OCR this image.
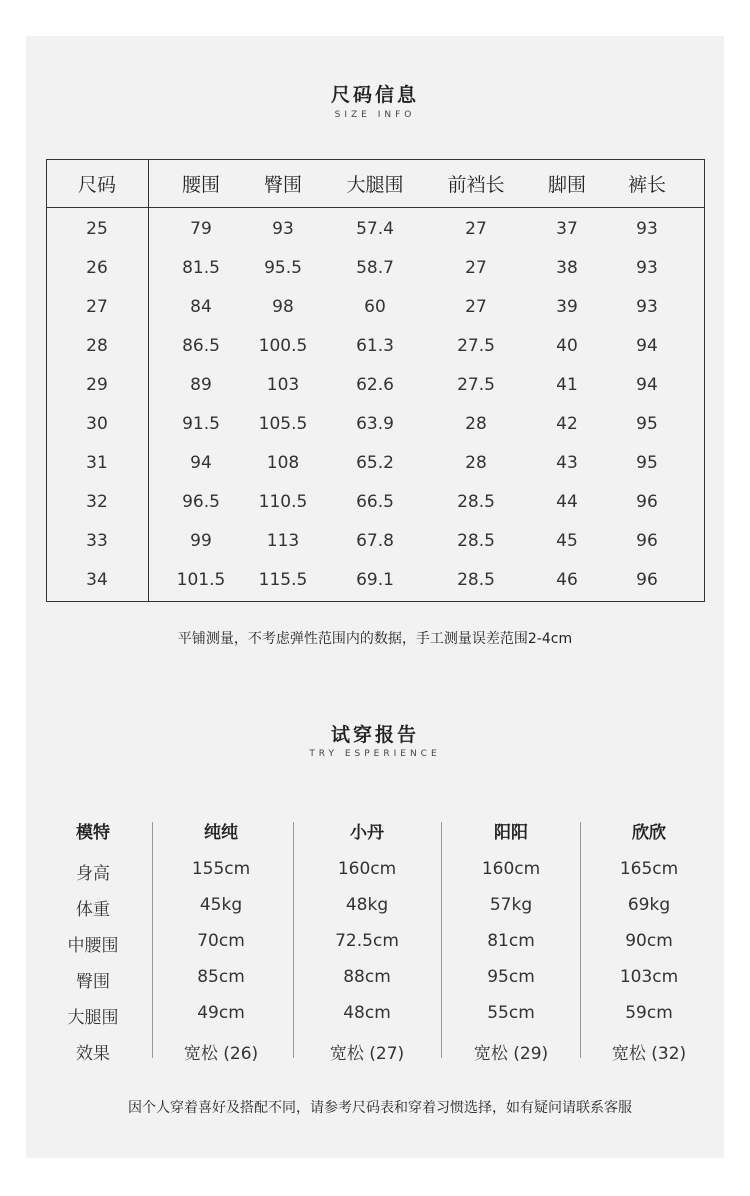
尺码信息
SIZE INFO
尺码	腰围 臀围 大腿围 前裆长 脚围 裤长
25	79	93	57.4	27	37	93
26	81.5	95.5	58.7	27	38	93
27	84	98	60	27	39	93
28	86.5 100.5	61.3	27.5	40	94
29	89	103	62.6	27.5	41	94
30	91.5 105.5	63.9	28	42	95
31	94	108	65.2	28	43	95
32	96.5 110.5	66.5	28.5	44	96
33	99	113	67.8	28.5	45	96
34	101.5 115.5	69.1	28.5	46	96
平铺测量，不考虑弹性范围内的数据，手工测量误差范围2-4cm
试穿报告
TRY ESPERIENCE
模特	纯纯	小丹	阳阳	欣欣
身高	155cm	160cm	160cm	165cm
体重	45kg	48kg	57kg	69kg
中腰围	70cm	72.5cm	81cm	90cm
臀围	85cm	88cm	95cm	103cm
大腿围	49cm	48cm	55cm	59cm
效果	宽松 (26)	宽松 (27)	宽松 (29)	宽松 (32)
因个人穿着喜好及搭配不同，请参考尺码表和穿着习惯选择，如有疑问请联系客服
